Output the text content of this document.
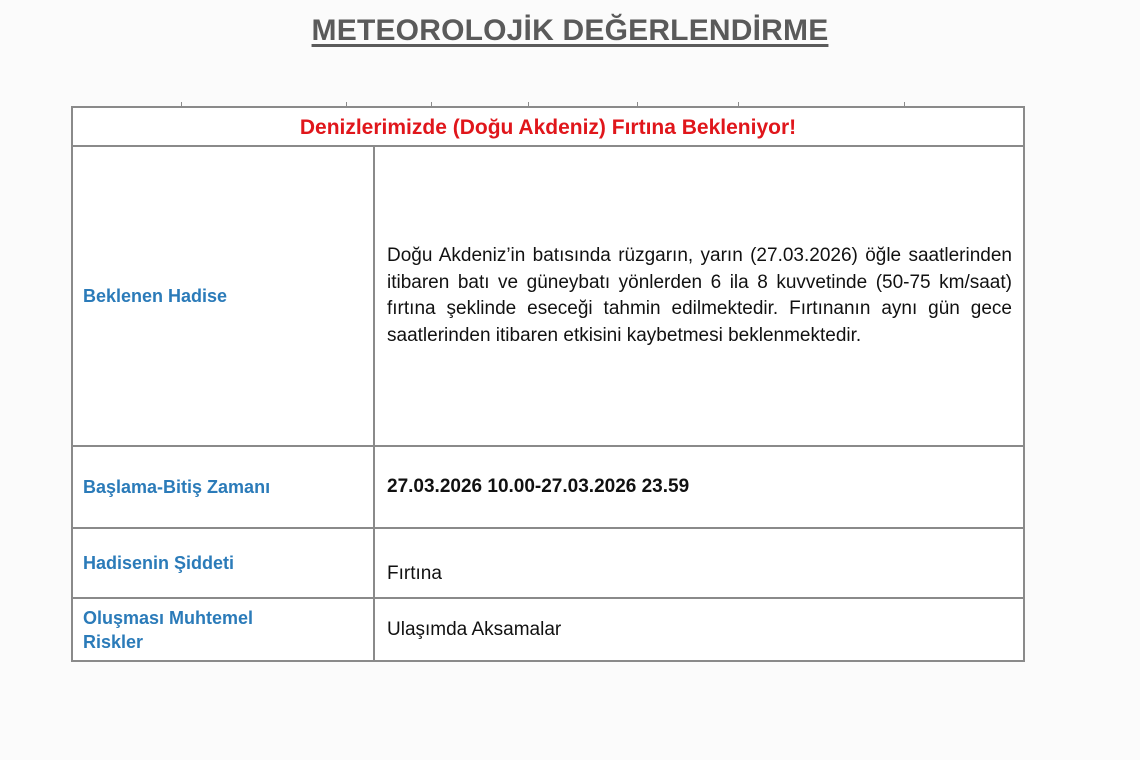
METEOROLOJİK DEĞERLENDİRME
Denizlerimizde (Doğu Akdeniz) Fırtına Bekleniyor!
Beklenen Hadise
Doğu Akdeniz’in batısında rüzgarın, yarın (27.03.2026) öğle saatlerinden itibaren batı ve güneybatı yönlerden 6 ila 8 kuvvetinde (50-75 km/saat) fırtına şeklinde eseceği tahmin edilmektedir. Fırtınanın aynı gün gece saatlerinden itibaren etkisini kaybetmesi beklenmektedir.
Başlama-Bitiş Zamanı	27.03.2026 10.00-27.03.2026 23.59
Hadisenin Şiddeti	Fırtına
Oluşması Muhtemel Riskler
Ulaşımda Aksamalar
